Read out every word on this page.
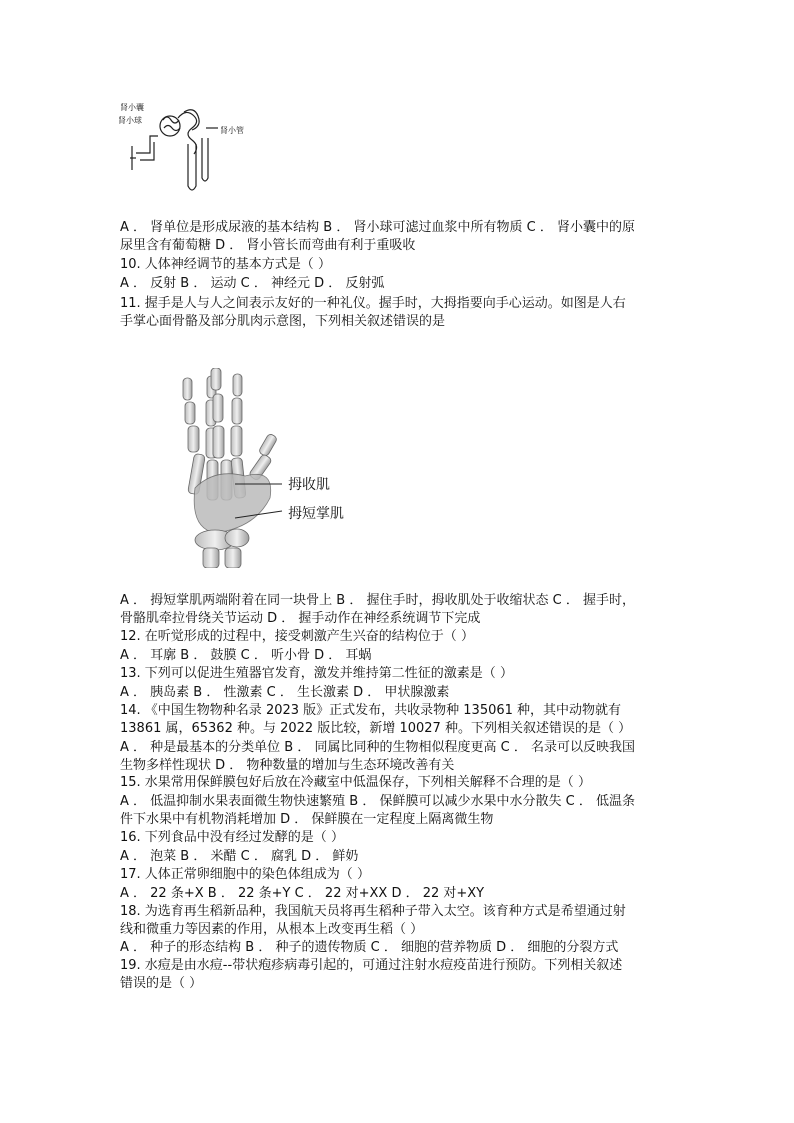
肾小囊
肾小球
肾小管
A ． 肾单位是形成尿液的基本结构 B ． 肾小球可滤过血浆中所有物质 C ． 肾小囊中的原
尿里含有葡萄糖 D ． 肾小管长而弯曲有利于重吸收
10. 人体神经调节的基本方式是（ ）
A ． 反射 B ． 运动 C ． 神经元 D ． 反射弧
11. 握手是人与人之间表示友好的一种礼仪。握手时，大拇指要向手心运动。如图是人右
手掌心面骨骼及部分肌肉示意图，下列相关叙述错误的是
拇收肌
拇短掌肌
A ． 拇短掌肌两端附着在同一块骨上 B ． 握住手时，拇收肌处于收缩状态 C ． 握手时，
骨骼肌牵拉骨绕关节运动 D ． 握手动作在神经系统调节下完成
12. 在听觉形成的过程中，接受刺激产生兴奋的结构位于（ ）
A ． 耳廓 B ． 鼓膜 C ． 听小骨 D ． 耳蜗
13. 下列可以促进生殖器官发育，激发并维持第二性征的激素是（ ）
A ． 胰岛素 B ． 性激素 C ． 生长激素 D ． 甲状腺激素
14. 《中国生物物种名录 2023 版》正式发布，共收录物种 135061 种，其中动物就有
13861 属，65362 种。与 2022 版比较，新增 10027 种。下列相关叙述错误的是（ ）
A ． 种是最基本的分类单位 B ． 同属比同种的生物相似程度更高 C ． 名录可以反映我国
生物多样性现状 D ． 物种数量的增加与生态环境改善有关
15. 水果常用保鲜膜包好后放在冷藏室中低温保存，下列相关解释不合理的是（ ）
A ． 低温抑制水果表面微生物快速繁殖 B ． 保鲜膜可以减少水果中水分散失 C ． 低温条
件下水果中有机物消耗增加 D ． 保鲜膜在一定程度上隔离微生物
16. 下列食品中没有经过发酵的是（ ）
A ． 泡菜 B ． 米醋 C ． 腐乳 D ． 鲜奶
17. 人体正常卵细胞中的染色体组成为（ ）
A ． 22 条+X B ． 22 条+Y C ． 22 对+XX D ． 22 对+XY
18. 为选育再生稻新品种，我国航天员将再生稻种子带入太空。该育种方式是希望通过射
线和微重力等因素的作用，从根本上改变再生稻（ ）
A ． 种子的形态结构 B ． 种子的遗传物质 C ． 细胞的营养物质 D ． 细胞的分裂方式
19. 水痘是由水痘--带状疱疹病毒引起的，可通过注射水痘疫苗进行预防。下列相关叙述
错误的是（ ）
